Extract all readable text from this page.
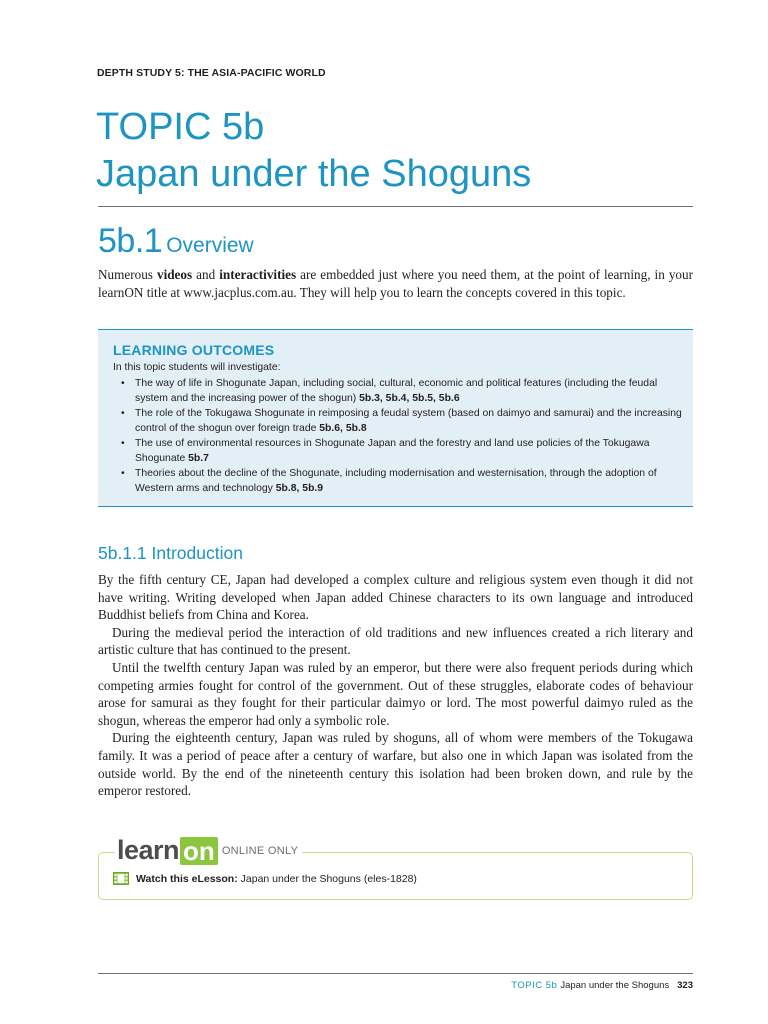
DEPTH STUDY 5: THE ASIA-PACIFIC WORLD
TOPIC 5b
Japan under the Shoguns
5b.1 Overview

Numerous videos and interactivities are embedded just where you need them, at the point of learning, in your learnON title at www.jacplus.com.au. They will help you to learn the concepts covered in this topic.

LEARNING OUTCOMES
In this topic students will investigate:
• The way of life in Shogunate Japan, including social, cultural, economic and political features (including the feudal system and the increasing power of the shogun) 5b.3, 5b.4, 5b.5, 5b.6
• The role of the Tokugawa Shogunate in reimposing a feudal system (based on daimyo and samurai) and the increasing control of the shogun over foreign trade 5b.6, 5b.8
• The use of environmental resources in Shogunate Japan and the forestry and land use policies of the Tokugawa Shogunate 5b.7
• Theories about the decline of the Shogunate, including modernisation and westernisation, through the adoption of Western arms and technology 5b.8, 5b.9
5b.1.1 Introduction

By the fifth century CE, Japan had developed a complex culture and religious system even though it did not have writing. Writing developed when Japan added Chinese characters to its own language and introduced Buddhist beliefs from China and Korea.

During the medieval period the interaction of old traditions and new influences created a rich literary and artistic culture that has continued to the present.

Until the twelfth century Japan was ruled by an emperor, but there were also frequent periods during which competing armies fought for control of the government. Out of these struggles, elaborate codes of behaviour arose for samurai as they fought for their particular daimyo or lord. The most powerful daimyo ruled as the shogun, whereas the emperor had only a symbolic role.

During the eighteenth century, Japan was ruled by shoguns, all of whom were members of the Tokugawa family. It was a period of peace after a century of warfare, but also one in which Japan was isolated from the outside world. By the end of the nineteenth century this isolation had been broken down, and rule by the emperor restored.

learn on ONLINE ONLY
Watch this eLesson: Japan under the Shoguns (eles-1828)
TOPIC 5b Japan under the Shoguns 323
